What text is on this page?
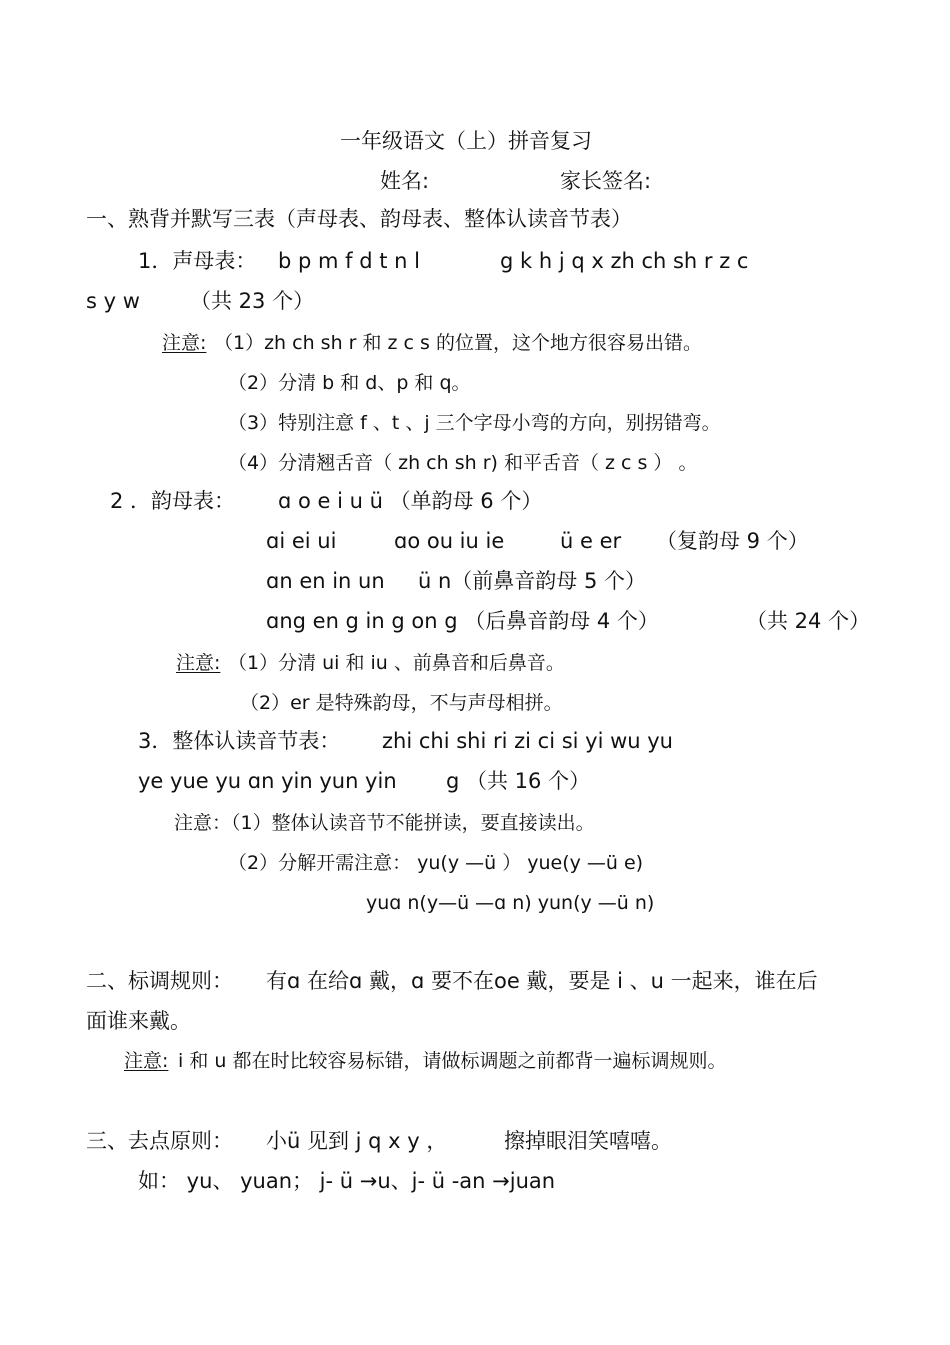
一年级语文（上）拼音复习
姓名:	家长签名:
一、熟背并默写三表（声母表、韵母表、整体认读音节表）
1．声母表： b p m f d t n l	g k h j q x zh ch sh r z c
s y w （共 23 个）
注意: （1）zh ch sh r 和 z c s 的位置，这个地方很容易出错。
（2）分清 b 和 d、p 和 q。
（3）特别注意 f 、t 、j 三个字母小弯的方向，别拐错弯。
（4）分清翘舌音（ zh ch sh r) 和平舌音（ z c s ） 。
2 ．韵母表： ɑ o e i u ü （单韵母 6 个）
ɑi ei ui	ɑo ou iu ie	ü e er （复韵母 9 个）
ɑn en in un ü n（前鼻音韵母 5 个）
ɑng en g in g on g （后鼻音韵母 4 个）	（共 24 个）
注意: （1）分清 ui 和 iu 、前鼻音和后鼻音。
（2）er 是特殊韵母，不与声母相拼。
3．整体认读音节表： zhi chi shi ri zi ci si yi wu yu
ye yue yu ɑn yin yun yin g （共 16 个）
注意：（1）整体认读音节不能拼读，要直接读出。
（2）分解开需注意： yu(y —ü ） yue(y —ü e)
yuɑ n(y—ü —ɑ n) yun(y —ü n)
二、标调规则： 有ɑ 在给ɑ 戴，ɑ 要不在oe 戴，要是 i 、u 一起来，谁在后
面谁来戴。
注意: i 和 u 都在时比较容易标错，请做标调题之前都背一遍标调规则。
三、去点原则： 小ü 见到 j q x y ，	擦掉眼泪笑嘻嘻。
如： yu、 yuan； j- ü →u、j- ü -an →juan
